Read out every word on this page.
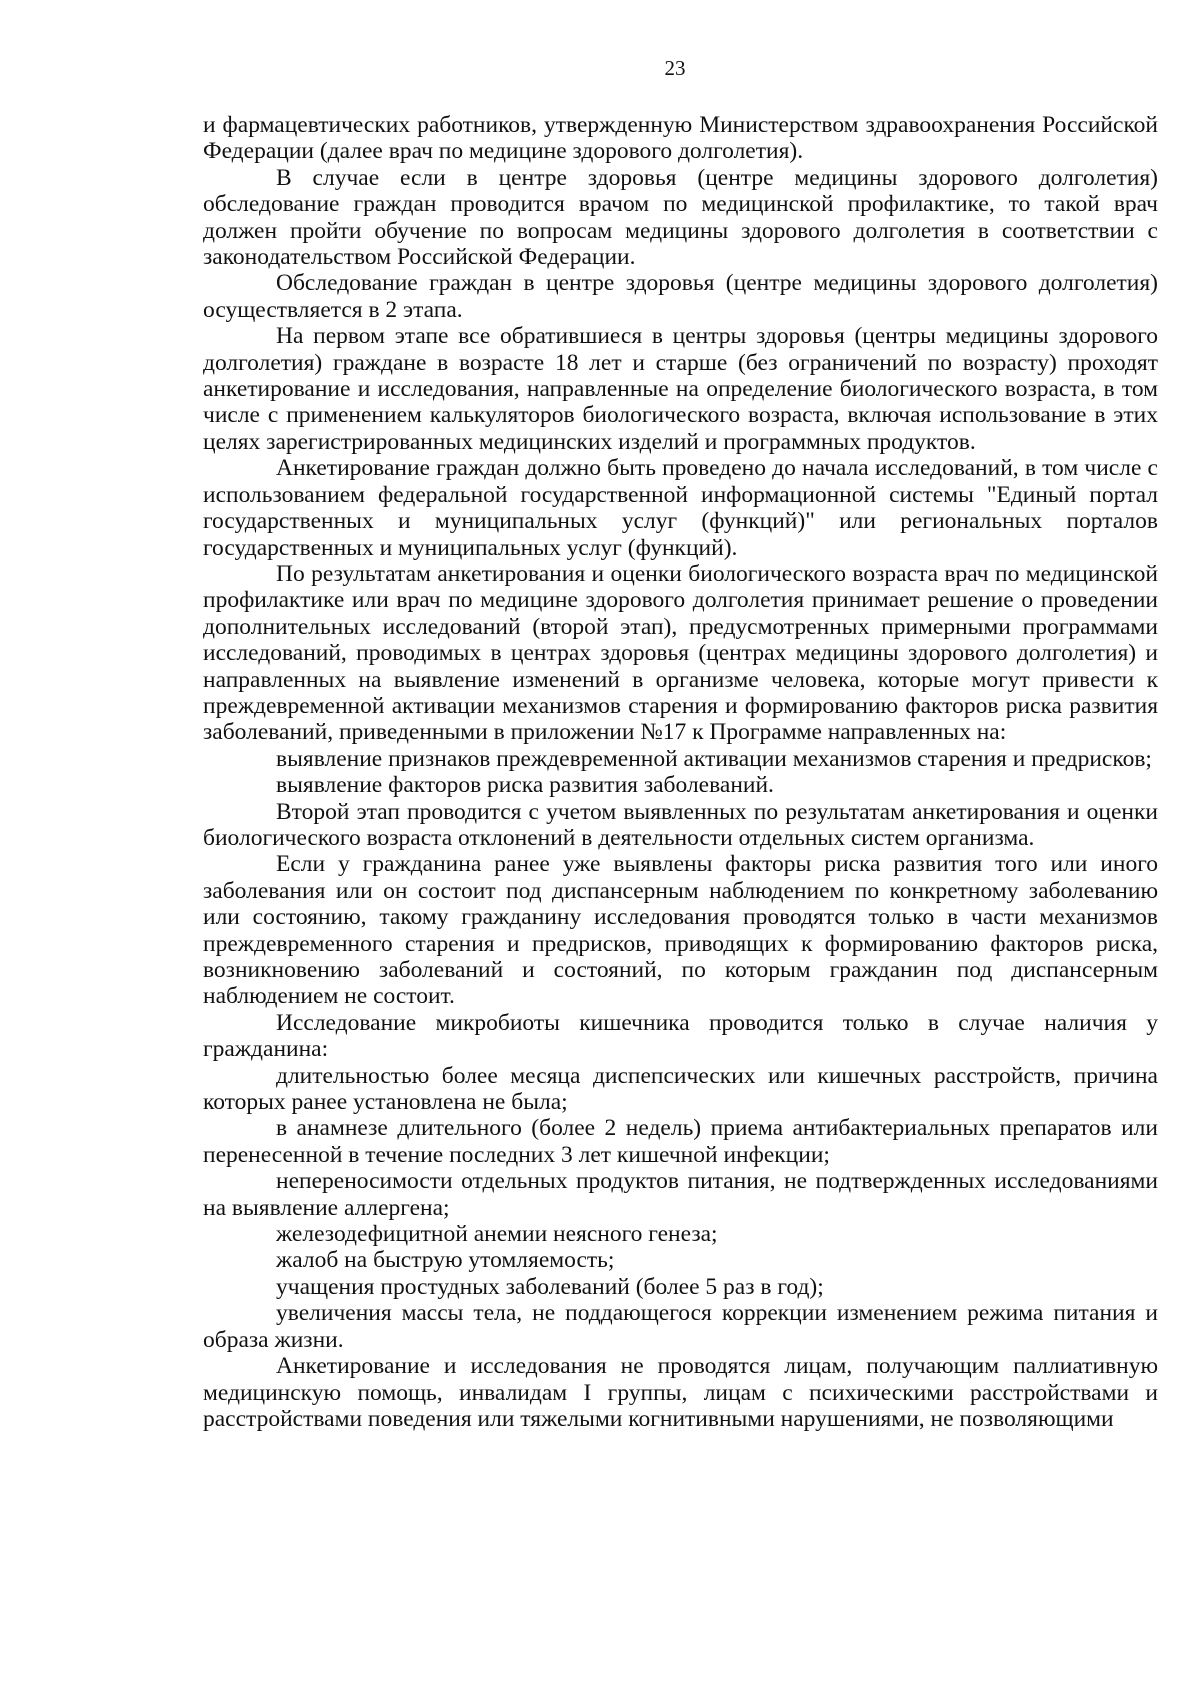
23

и фармацевтических работников, утвержденную Министерством здравоохранения Российской Федерации (далее врач по медицине здорового долголетия).

В случае если в центре здоровья (центре медицины здорового долголетия) обследование граждан проводится врачом по медицинской профилактике, то такой врач должен пройти обучение по вопросам медицины здорового долголетия в соответствии с законодательством Российской Федерации.

Обследование граждан в центре здоровья (центре медицины здорового долголетия) осуществляется в 2 этапа.

На первом этапе все обратившиеся в центры здоровья (центры медицины здорового долголетия) граждане в возрасте 18 лет и старше (без ограничений по возрасту) проходят анкетирование и исследования, направленные на определение биологического возраста, в том числе с применением калькуляторов биологического возраста, включая использование в этих целях зарегистрированных медицинских изделий и программных продуктов.

Анкетирование граждан должно быть проведено до начала исследований, в том числе с использованием федеральной государственной информационной системы "Единый портал государственных и муниципальных услуг (функций)" или региональных порталов государственных и муниципальных услуг (функций).

По результатам анкетирования и оценки биологического возраста врач по медицинской профилактике или врач по медицине здорового долголетия принимает решение о проведении дополнительных исследований (второй этап), предусмотренных примерными программами исследований, проводимых в центрах здоровья (центрах медицины здорового долголетия) и направленных на выявление изменений в организме человека, которые могут привести к преждевременной активации механизмов старения и формированию факторов риска развития заболеваний, приведенными в приложении №17 к Программе направленных на:

выявление признаков преждевременной активации механизмов старения и предрисков;

выявление факторов риска развития заболеваний.

Второй этап проводится с учетом выявленных по результатам анкетирования и оценки биологического возраста отклонений в деятельности отдельных систем организма.

Если у гражданина ранее уже выявлены факторы риска развития того или иного заболевания или он состоит под диспансерным наблюдением по конкретному заболеванию или состоянию, такому гражданину исследования проводятся только в части механизмов преждевременного старения и предрисков, приводящих к формированию факторов риска, возникновению заболеваний и состояний, по которым гражданин под диспансерным наблюдением не состоит.

Исследование микробиоты кишечника проводится только в случае наличия у гражданина:

длительностью более месяца диспепсических или кишечных расстройств, причина которых ранее установлена не была;

в анамнезе длительного (более 2 недель) приема антибактериальных препаратов или перенесенной в течение последних 3 лет кишечной инфекции;

непереносимости отдельных продуктов питания, не подтвержденных исследованиями на выявление аллергена;

железодефицитной анемии неясного генеза;

жалоб на быструю утомляемость;

учащения простудных заболеваний (более 5 раз в год);

увеличения массы тела, не поддающегося коррекции изменением режима питания и образа жизни.

Анкетирование и исследования не проводятся лицам, получающим паллиативную медицинскую помощь, инвалидам I группы, лицам с психическими расстройствами и расстройствами поведения или тяжелыми когнитивными нарушениями, не позволяющими
